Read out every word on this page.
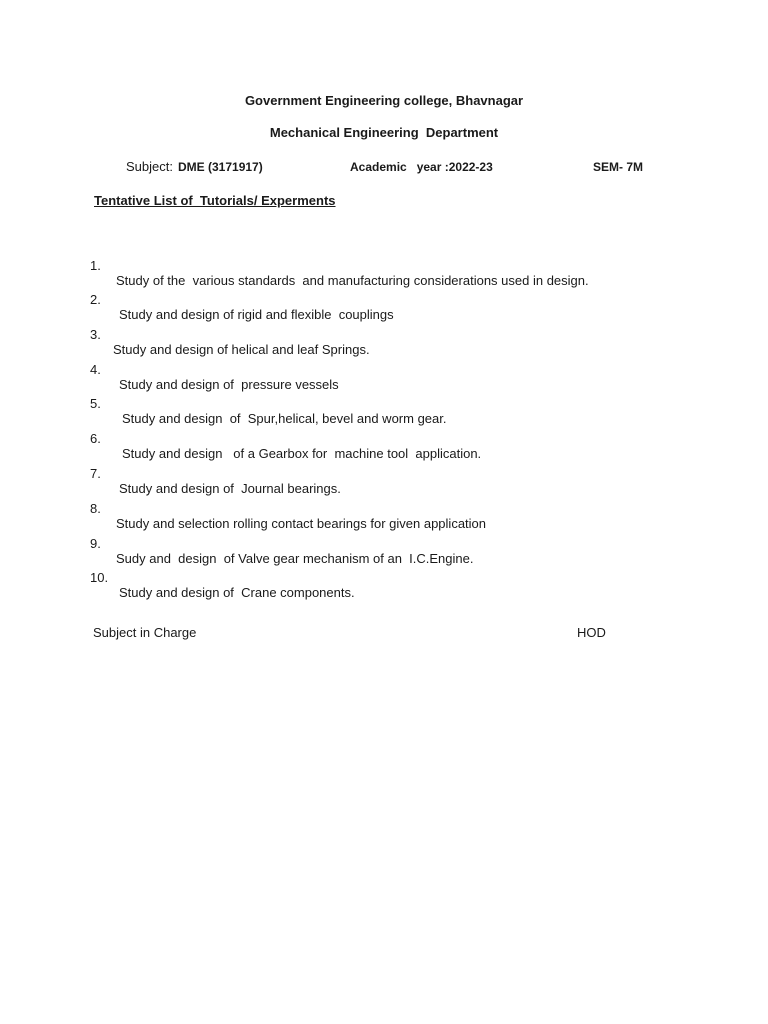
Government Engineering college, Bhavnagar
Mechanical Engineering  Department
Subject: DME (3171917)	Academic   year :2022-23	SEM- 7M
Tentative List of  Tutorials/ Experments

1.

Study of the  various standards  and manufacturing considerations used in design.

2.

Study and design of rigid and flexible  couplings

3.

Study and design of helical and leaf Springs.

4.

Study and design of  pressure vessels

5.

Study and design  of  Spur,helical, bevel and worm gear.

6.

Study and design   of a Gearbox for  machine tool  application.

7.

Study and design of  Journal bearings.

8.

Study and selection rolling contact bearings for given application

9.

Sudy and  design  of Valve gear mechanism of an  I.C.Engine.

10.

Study and design of  Crane components.

Subject in Charge	HOD
